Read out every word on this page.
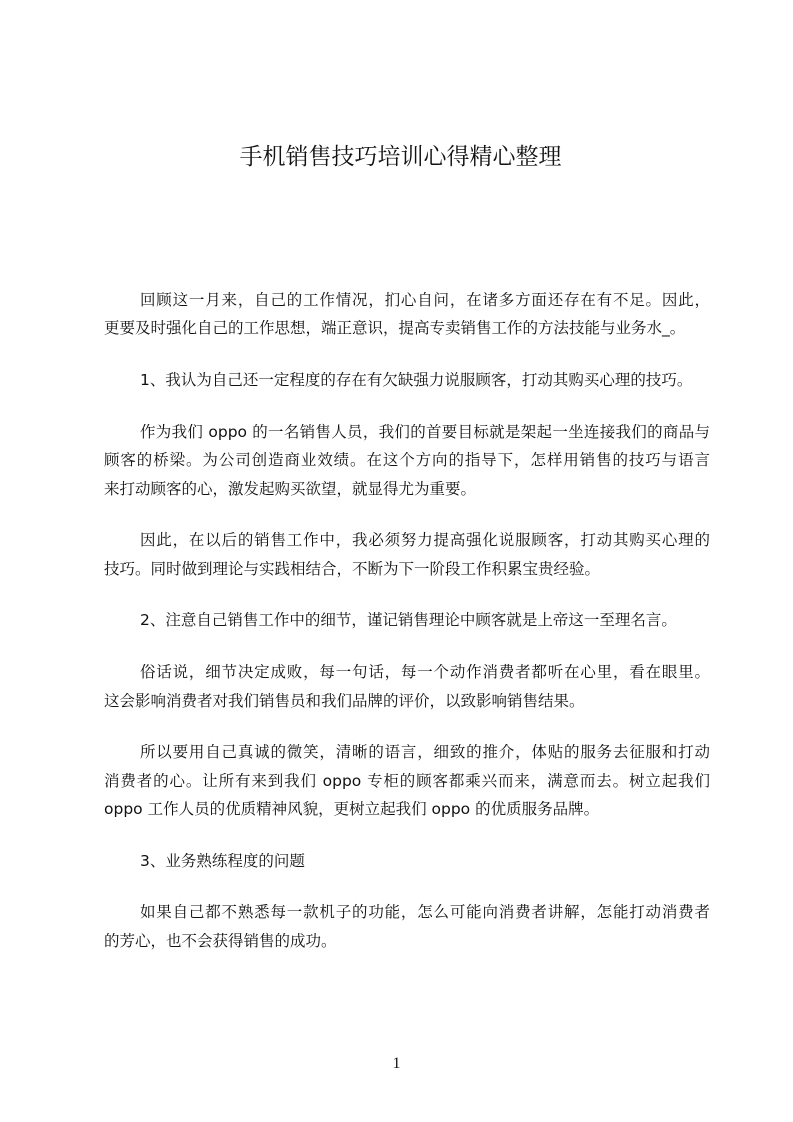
手机销售技巧培训心得精心整理
回顾这一月来，自己的工作情况，扪心自问，在诸多方面还存在有不足。因此，
更要及时强化自己的工作思想，端正意识，提高专卖销售工作的方法技能与业务水_。
1、我认为自己还一定程度的存在有欠缺强力说服顾客，打动其购买心理的技巧。
作为我们 oppo 的一名销售人员，我们的首要目标就是架起一坐连接我们的商品与
顾客的桥梁。为公司创造商业效绩。在这个方向的指导下，怎样用销售的技巧与语言
来打动顾客的心，激发起购买欲望，就显得尤为重要。
因此，在以后的销售工作中，我必须努力提高强化说服顾客，打动其购买心理的
技巧。同时做到理论与实践相结合，不断为下一阶段工作积累宝贵经验。
2、注意自己销售工作中的细节，谨记销售理论中顾客就是上帝这一至理名言。
俗话说，细节决定成败，每一句话，每一个动作消费者都听在心里，看在眼里。
这会影响消费者对我们销售员和我们品牌的评价，以致影响销售结果。
所以要用自己真诚的微笑，清晰的语言，细致的推介，体贴的服务去征服和打动
消费者的心。让所有来到我们 oppo 专柜的顾客都乘兴而来，满意而去。树立起我们
oppo 工作人员的优质精神风貌，更树立起我们 oppo 的优质服务品牌。
3、业务熟练程度的问题
如果自己都不熟悉每一款机子的功能，怎么可能向消费者讲解，怎能打动消费者
的芳心，也不会获得销售的成功。
1
